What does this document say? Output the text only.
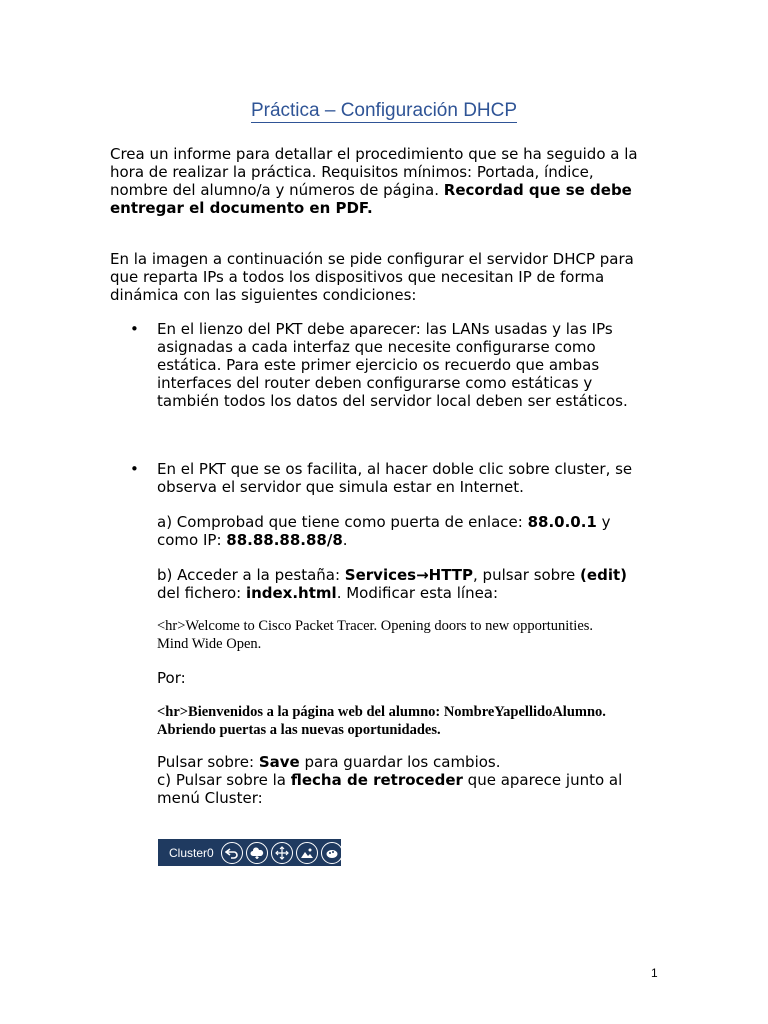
Práctica – Configuración DHCP
Crea un informe para detallar el procedimiento que se ha seguido a la
hora de realizar la práctica. Requisitos mínimos: Portada, índice,
nombre del alumno/a y números de página. Recordad que se debe
entregar el documento en PDF.
En la imagen a continuación se pide configurar el servidor DHCP para
que reparta IPs a todos los dispositivos que necesitan IP de forma
dinámica con las siguientes condiciones:
• En el lienzo del PKT debe aparecer: las LANs usadas y las IPs
asignadas a cada interfaz que necesite configurarse como
estática. Para este primer ejercicio os recuerdo que ambas
interfaces del router deben configurarse como estáticas y
también todos los datos del servidor local deben ser estáticos.
• En el PKT que se os facilita, al hacer doble clic sobre cluster, se
observa el servidor que simula estar en Internet.
a) Comprobad que tiene como puerta de enlace: 88.0.0.1 y
como IP: 88.88.88.88/8.
b) Acceder a la pestaña: Services→HTTP, pulsar sobre (edit)
del fichero: index.html. Modificar esta línea:
<hr>Welcome to Cisco Packet Tracer. Opening doors to new opportunities.
Mind Wide Open.
Por:
<hr>Bienvenidos a la página web del alumno: NombreYapellidoAlumno.
Abriendo puertas a las nuevas oportunidades.
Pulsar sobre: Save para guardar los cambios.
c) Pulsar sobre la flecha de retroceder que aparece junto al
menú Cluster:
Cluster0
1
